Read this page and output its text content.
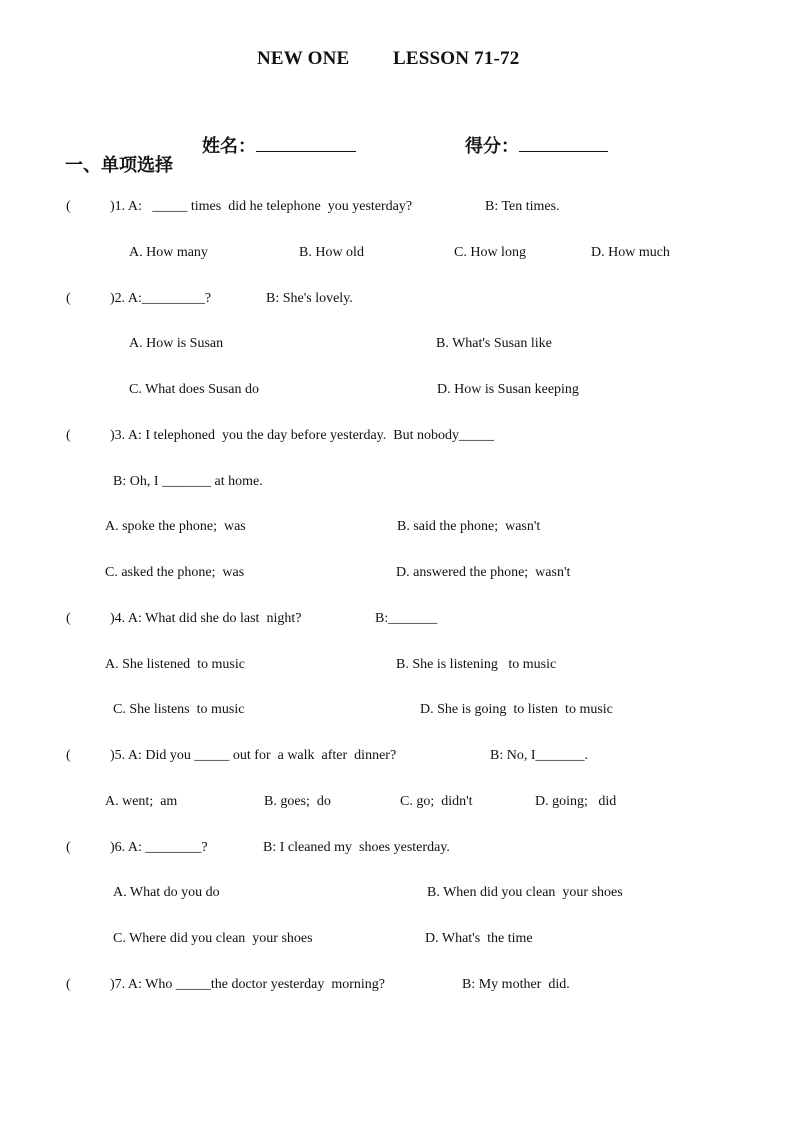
NEW ONE LESSON 71-72

姓名：	得分：

一、单项选择
(	)1. A:   _____ times  did he telephone  you yesterday?	B: Ten times.
A. How many	B. How old	C. How long	D. How much
(	)2. A:_________?	B: She's lovely.
A. How is Susan	B. What's Susan like
C. What does Susan do	D. How is Susan keeping
(	)3. A: I telephoned  you the day before yesterday.  But nobody_____
B: Oh, I _______ at home.
A. spoke the phone;  was	B. said the phone;  wasn't
C. asked the phone;  was	D. answered the phone;  wasn't
(	)4. A: What did she do last  night?	B:_______
A. She listened  to music	B. She is listening   to music
C. She listens  to music	D. She is going  to listen  to music
(	)5. A: Did you _____ out for  a walk  after  dinner?	B: No, I_______.
A. went;  am	B. goes;  do	C. go;  didn't	D. going;   did
(	)6. A: ________?	B: I cleaned my  shoes yesterday.
A. What do you do	B. When did you clean  your shoes
C. Where did you clean  your shoes	D. What's  the time
(	)7. A: Who _____the doctor yesterday  morning?	B: My mother  did.
